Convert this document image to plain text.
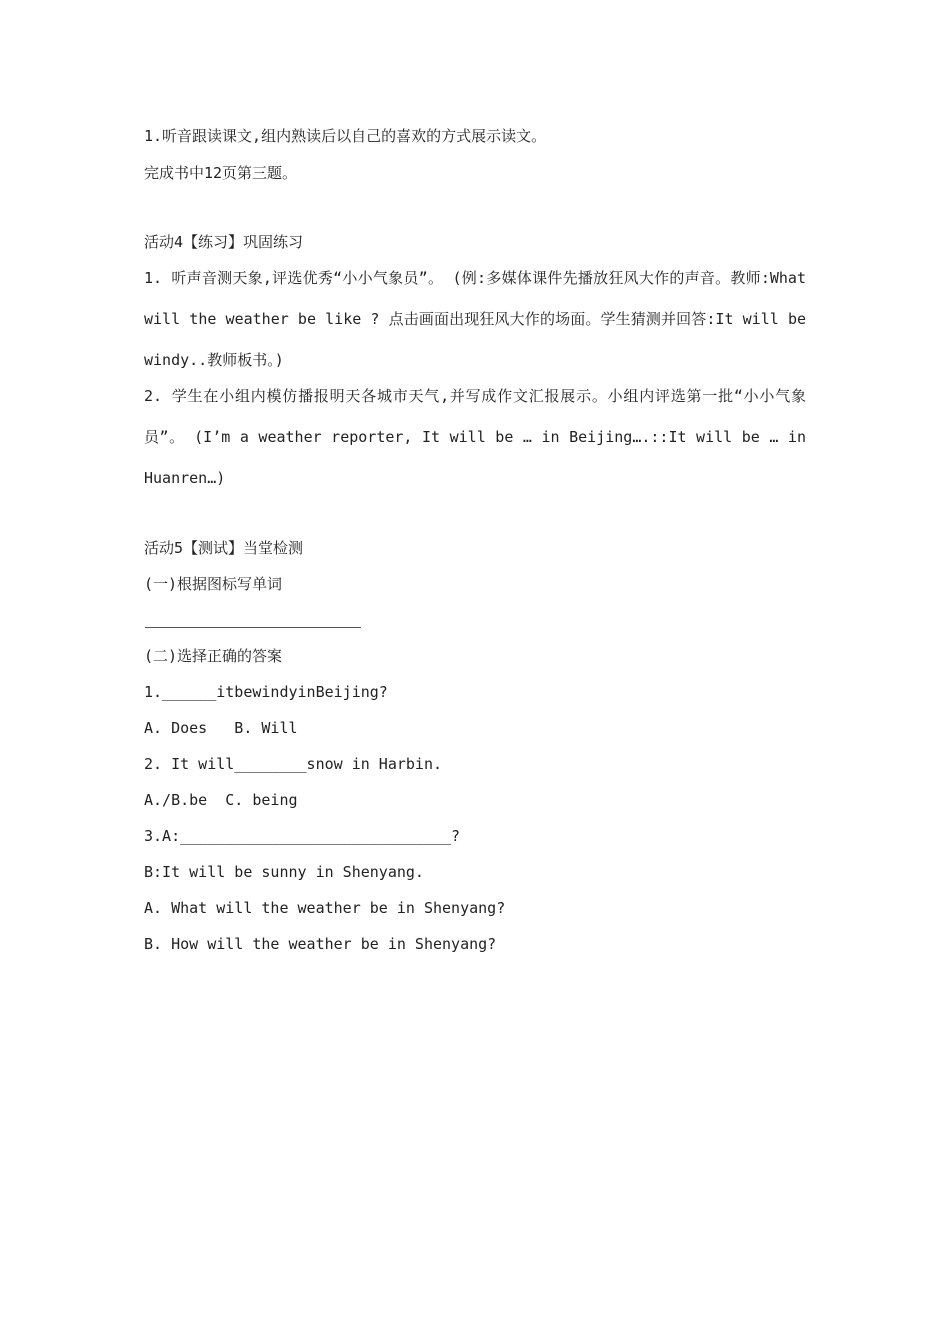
1.听音跟读课文,组内熟读后以自己的喜欢的方式展示读文。
完成书中12页第三题。
活动4【练习】巩固练习
1. 听声音测天象,评选优秀“小小气象员”。 (例:多媒体课件先播放狂风大作的声音。教师:What will the weather be like ? 点击画面出现狂风大作的场面。学生猜测并回答:It will be windy..教师板书。)
2. 学生在小组内模仿播报明天各城市天气,并写成作文汇报展示。小组内评选第一批“小小气象员”。 (I’m a weather reporter, It will be … in Beijing….::It will be … in Huanren…)
活动5【测试】当堂检测
(一)根据图标写单词
(二)选择正确的答案
1.______itbewindyinBeijing?
A. Does   B. Will
2. It will________snow in Harbin.
A./B.be  C. being
3.A:______________________________?
B:It will be sunny in Shenyang.
A. What will the weather be in Shenyang?
B. How will the weather be in Shenyang?
